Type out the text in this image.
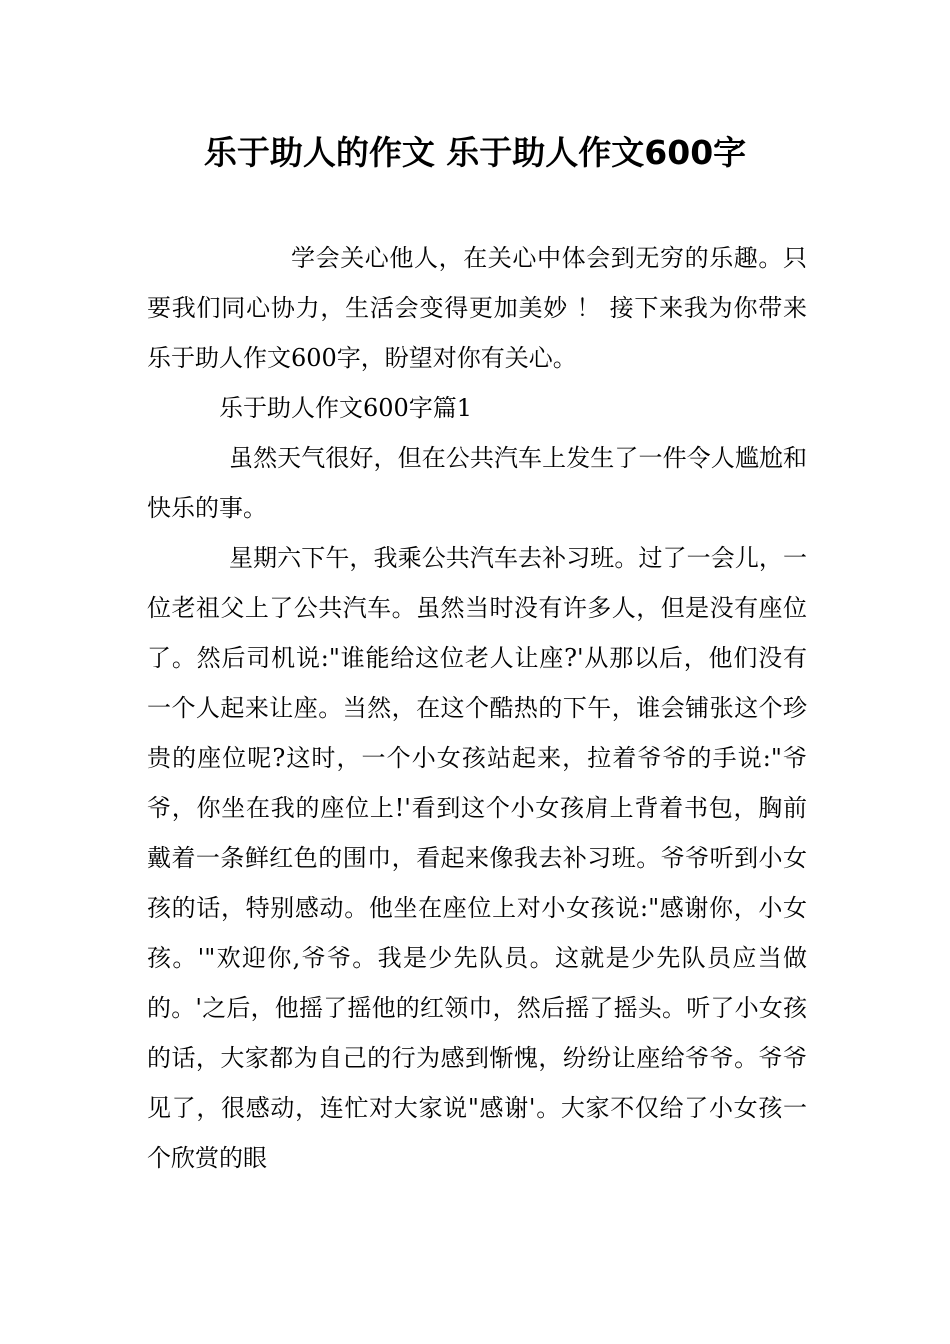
乐于助人的作文 乐于助人作文600字

学会关心他人，在关心中体会到无穷的乐趣。只要我们同心协力，生活会变得更加美妙 ！ 接下来我为你带来乐于助人作文600字，盼望对你有关心。

乐于助人作文600字篇1

虽然天气很好，但在公共汽车上发生了一件令人尴尬和快乐的事。

星期六下午，我乘公共汽车去补习班。过了一会儿，一位老祖父上了公共汽车。虽然当时没有许多人，但是没有座位了。然后司机说:"谁能给这位老人让座?'从那以后，他们没有一个人起来让座。当然，在这个酷热的下午，谁会铺张这个珍贵的座位呢?这时，一个小女孩站起来，拉着爷爷的手说:"爷爷，你坐在我的座位上!'看到这个小女孩肩上背着书包，胸前戴着一条鲜红色的围巾，看起来像我去补习班。爷爷听到小女孩的话，特别感动。他坐在座位上对小女孩说:"感谢你，小女孩。'"欢迎你,爷爷。我是少先队员。这就是少先队员应当做的。'之后，他摇了摇他的红领巾，然后摇了摇头。听了小女孩的话，大家都为自己的行为感到惭愧，纷纷让座给爷爷。爷爷见了，很感动，连忙对大家说"感谢'。大家不仅给了小女孩一个欣赏的眼
